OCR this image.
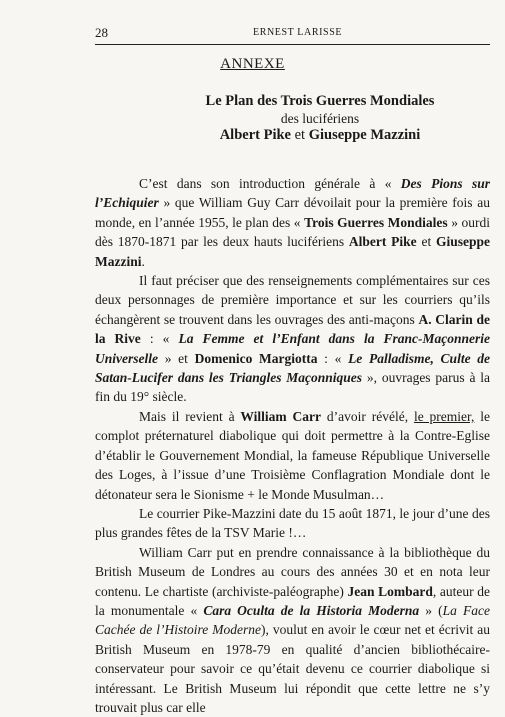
28	ERNEST LARISSE
ANNEXE
Le Plan des Trois Guerres Mondiales
des lucifériens
Albert Pike et Giuseppe Mazzini

C’est dans son introduction générale à « Des Pions sur l’Echiquier » que William Guy Carr dévoilait pour la première fois au monde, en l’année 1955, le plan des « Trois Guerres Mondiales » ourdi dès 1870-1871 par les deux hauts lucifériens Albert Pike et Giuseppe Mazzini.

Il faut préciser que des renseignements complémentaires sur ces deux personnages de première importance et sur les courriers qu’ils échangèrent se trouvent dans les ouvrages des anti-maçons A. Clarin de la Rive : « La Femme et l’Enfant dans la Franc-Maçonnerie Universelle » et Domenico Margiotta : « Le Palladisme, Culte de Satan-Lucifer dans les Triangles Maçonniques », ouvrages parus à la fin du 19° siècle.

Mais il revient à William Carr d’avoir révélé, le premier, le complot préternaturel diabolique qui doit permettre à la Contre-Eglise d’établir le Gouvernement Mondial, la fameuse République Universelle des Loges, à l’issue d’une Troisième Conflagration Mondiale dont le détonateur sera le Sionisme + le Monde Musulman…

Le courrier Pike-Mazzini date du 15 août 1871, le jour d’une des plus grandes fêtes de la TSV Marie !…

William Carr put en prendre connaissance à la bibliothèque du British Museum de Londres au cours des années 30 et en nota leur contenu. Le chartiste (archiviste-paléographe) Jean Lombard, auteur de la monumentale « Cara Oculta de la Historia Moderna » (La Face Cachée de l’Histoire Moderne), voulut en avoir le cœur net et écrivit au British Museum en 1978-79 en qualité d’ancien bibliothécaire-conservateur pour savoir ce qu’était devenu ce courrier diabolique si intéressant. Le British Museum lui répondit que cette lettre ne s’y trouvait plus car elle
